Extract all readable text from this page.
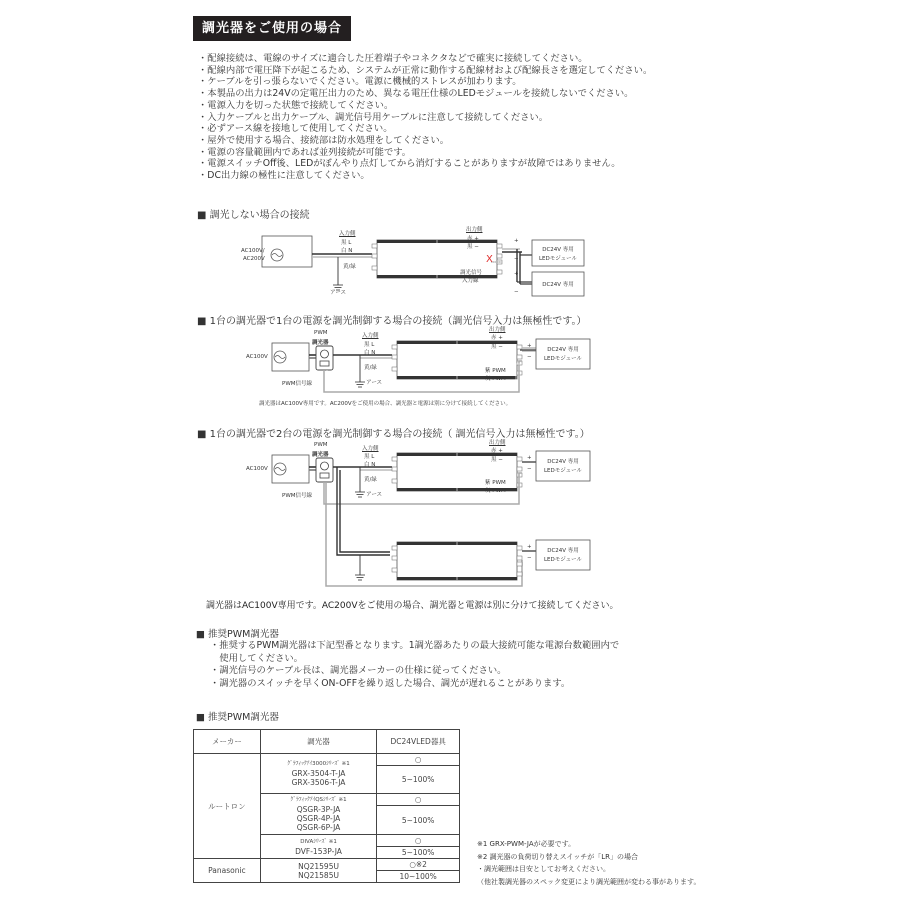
調光器をご使用の場合
・配線接続は、電線のサイズに適合した圧着端子やコネクタなどで確実に接続してください。
・配線内部で電圧降下が起こるため、システムが正常に動作する配線材および配線長さを選定してください。
・ケーブルを引っ張らないでください。電源に機械的ストレスが加わります。
・本製品の出力は24Vの定電圧出力のため、異なる電圧仕様のLEDモジュールを接続しないでください。
・電源入力を切った状態で接続してください。
・入力ケーブルと出力ケーブル、調光信号用ケーブルに注意して接続してください。
・必ずアース線を接地して使用してください。
・屋外で使用する場合、接続部は防水処理をしてください。
・電源の容量範囲内であれば並列接続が可能です。
・電源スイッチOff後、LEDがぼんやり点灯してから消灯することがありますが故障ではありません。
・DC出力線の極性に注意してください。
■ 調光しない場合の接続
AC100V/
AC200V
入力側
黒 L
白 N
黄/緑
アース
出力側
赤 +
黒 −
X
調光信号
入力線
+
−
+
−
DC24V 専用
LEDモジュール
DC24V 専用
■ 1台の調光器で1台の電源を調光制御する場合の接続（調光信号入力は無極性です。）
AC100V
PWM
調光器
PWM信号線
入力側
黒 L
白 N
黄/緑
アース
出力側
赤 +
黒 −
紫 PWM
灰 PWM
+
−
DC24V 専用
LEDモジュール
調光器はAC100V専用です。AC200Vをご使用の場合、調光器と電源は別に分けて接続してください。
■ 1台の調光器で2台の電源を調光制御する場合の接続（ 調光信号入力は無極性です。）
AC100V
PWM
調光器
PWM信号線
入力側
黒 L
白 N
黄/緑
アース
出力側
赤 +
黒 −
紫 PWM
灰 PWM
+
−
DC24V 専用
LEDモジュール
+
−
DC24V 専用
LEDモジュール
調光器はAC100V専用です。AC200Vをご使用の場合、調光器と電源は別に分けて接続してください。
■ 推奨PWM調光器
・推奨するPWM調光器は下記型番となります。1調光器あたりの最大接続可能な電源台数範囲内で
　使用してください。
・調光信号のケーブル長は、調光器メーカーの仕様に従ってください。
・調光器のスイッチを早くON-OFFを繰り返した場合、調光が遅れることがあります。
■ 推奨PWM調光器
メーカー	調光器	DC24VLED器具
ルートロン	ｸﾞﾗﾌｨｯｸｱｲ3000ｼﾘｰｽﾞ ※1
GRX-3504-T-JA
GRX-3506-T-JA	○
		5~100%

	ｸﾞﾗﾌｨｯｸｱｲQSｼﾘｰｽﾞ ※1
QSGR-3P-JA
QSGR-4P-JA
QSGR-6P-JA	○
		5~100%

	DIVAｼﾘｰｽﾞ ※1
DVF-153P-JA	○
		5~100%
Panasonic	NQ21595U
NQ21585U	○※2
		10~100%
※1 GRX-PWM-JAが必要です。
※2 調光器の負荷切り替えスイッチが「LR」の場合
・調光範囲は目安としてお考えください。
（他社製調光器のスペック変更により調光範囲が変わる事があります。
